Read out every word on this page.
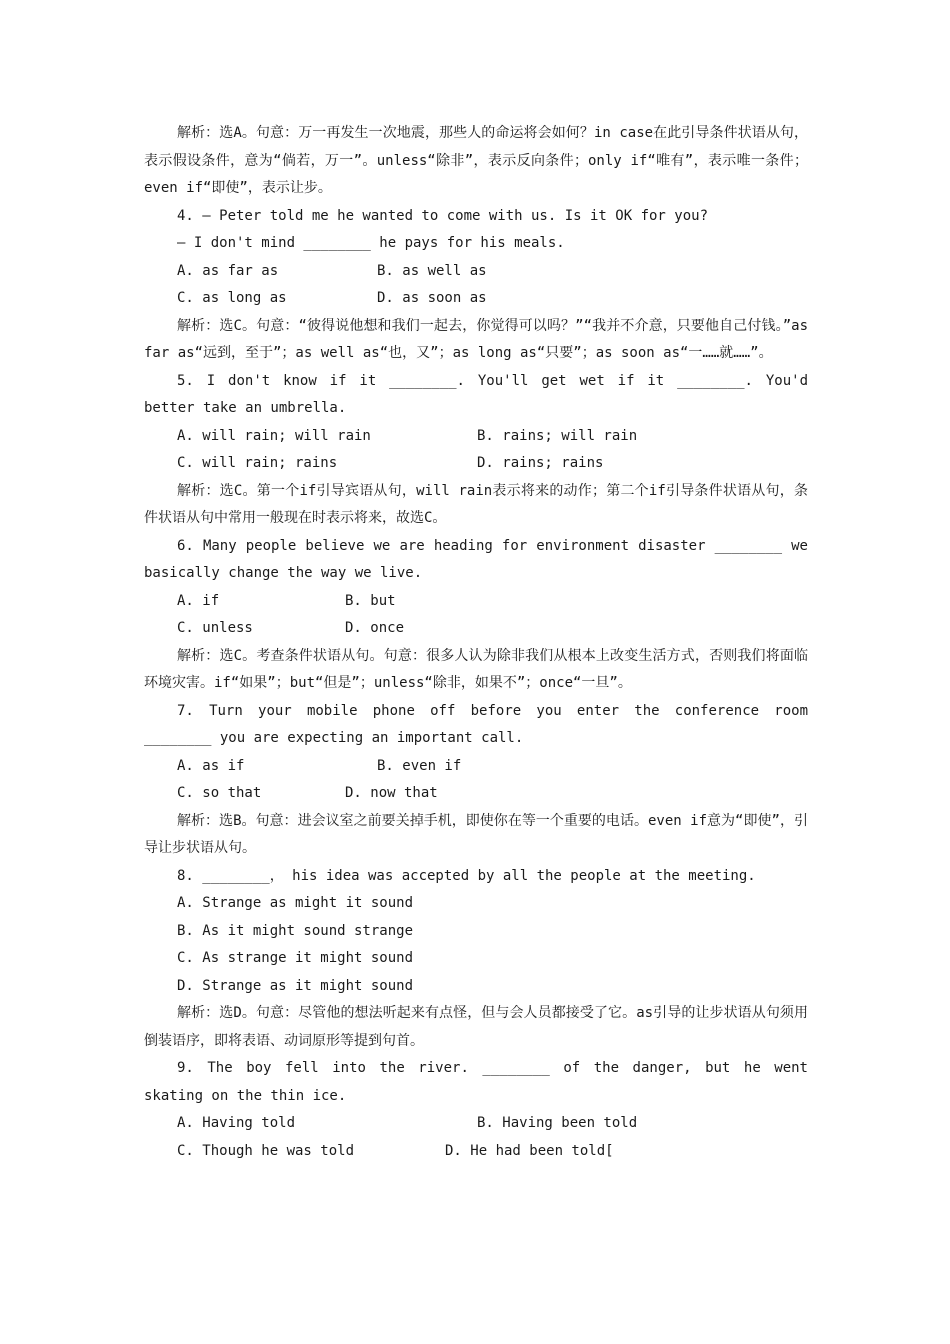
解析：选A。句意：万一再发生一次地震，那些人的命运将会如何？in case在此引导条件状语从句，表示假设条件，意为“倘若，万一”。unless“除非”，表示反向条件；only if“唯有”，表示唯一条件；even if“即使”，表示让步。

4. — Peter told me he wanted to come with us. Is it OK for you?

— I don't mind ________ he pays for his meals.

A. as far as	B. as well as
C. as long as	D. as soon as

解析：选C。句意：“彼得说他想和我们一起去，你觉得可以吗？”“我并不介意，只要他自己付钱。”as far as“远到，至于”；as well as“也，又”；as long as“只要”；as soon as“一……就……”。

5. I don't know if it ________. You'll get wet if it ________. You'd better take an umbrella.

A. will rain; will rain	B. rains; will rain
C. will rain; rains	D. rains; rains

解析：选C。第一个if引导宾语从句，will rain表示将来的动作；第二个if引导条件状语从句，条件状语从句中常用一般现在时表示将来，故选C。

6. Many people believe we are heading for environment disaster ________ we basically change the way we live.

A. if	B. but
C. unless	D. once

解析：选C。考查条件状语从句。句意：很多人认为除非我们从根本上改变生活方式，否则我们将面临环境灾害。if“如果”；but“但是”；unless“除非，如果不”；once“一旦”。

7. Turn your mobile phone off before you enter the conference room ________ you are expecting an important call.

A. as if	B. even if
C. so that	D. now that

解析：选B。句意：进会议室之前要关掉手机，即使你在等一个重要的电话。even if意为“即使”，引导让步状语从句。

8. ________， his idea was accepted by all the people at the meeting.

A. Strange as might it sound

B. As it might sound strange

C. As strange it might sound

D. Strange as it might sound

解析：选D。句意：尽管他的想法听起来有点怪，但与会人员都接受了它。as引导的让步状语从句须用倒装语序，即将表语、动词原形等提到句首。

9. The boy fell into the river. ________ of the danger, but he went skating on the thin ice.

A. Having told	B. Having been told
C. Though he was told	D. He had been told[
